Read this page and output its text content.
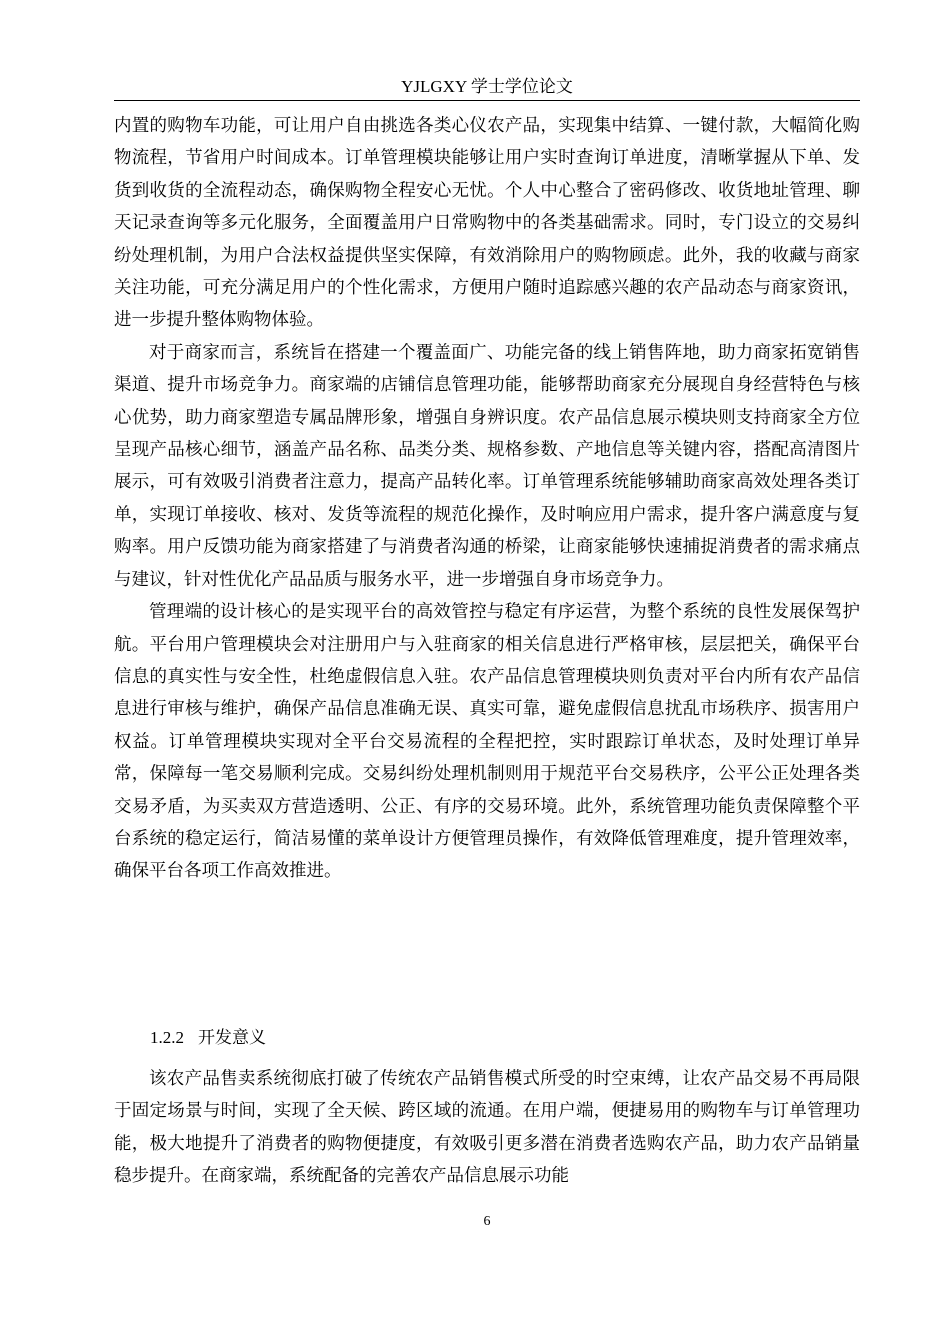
YJLGXY 学士学位论文

内置的购物车功能，可让用户自由挑选各类心仪农产品，实现集中结算、一键付款，大幅简化购物流程，节省用户时间成本。订单管理模块能够让用户实时查询订单进度，清晰掌握从下单、发货到收货的全流程动态，确保购物全程安心无忧。个人中心整合了密码修改、收货地址管理、聊天记录查询等多元化服务，全面覆盖用户日常购物中的各类基础需求。同时，专门设立的交易纠纷处理机制，为用户合法权益提供坚实保障，有效消除用户的购物顾虑。此外，我的收藏与商家关注功能，可充分满足用户的个性化需求，方便用户随时追踪感兴趣的农产品动态与商家资讯，进一步提升整体购物体验。

对于商家而言，系统旨在搭建一个覆盖面广、功能完备的线上销售阵地，助力商家拓宽销售渠道、提升市场竞争力。商家端的店铺信息管理功能，能够帮助商家充分展现自身经营特色与核心优势，助力商家塑造专属品牌形象，增强自身辨识度。农产品信息展示模块则支持商家全方位呈现产品核心细节，涵盖产品名称、品类分类、规格参数、产地信息等关键内容，搭配高清图片展示，可有效吸引消费者注意力，提高产品转化率。订单管理系统能够辅助商家高效处理各类订单，实现订单接收、核对、发货等流程的规范化操作，及时响应用户需求，提升客户满意度与复购率。用户反馈功能为商家搭建了与消费者沟通的桥梁，让商家能够快速捕捉消费者的需求痛点与建议，针对性优化产品品质与服务水平，进一步增强自身市场竞争力。

管理端的设计核心的是实现平台的高效管控与稳定有序运营，为整个系统的良性发展保驾护航。平台用户管理模块会对注册用户与入驻商家的相关信息进行严格审核，层层把关，确保平台信息的真实性与安全性，杜绝虚假信息入驻。农产品信息管理模块则负责对平台内所有农产品信息进行审核与维护，确保产品信息准确无误、真实可靠，避免虚假信息扰乱市场秩序、损害用户权益。订单管理模块实现对全平台交易流程的全程把控，实时跟踪订单状态，及时处理订单异常，保障每一笔交易顺利完成。交易纠纷处理机制则用于规范平台交易秩序，公平公正处理各类交易矛盾，为买卖双方营造透明、公正、有序的交易环境。此外，系统管理功能负责保障整个平台系统的稳定运行，简洁易懂的菜单设计方便管理员操作，有效降低管理难度，提升管理效率，确保平台各项工作高效推进。

1.2.2 开发意义

该农产品售卖系统彻底打破了传统农产品销售模式所受的时空束缚，让农产品交易不再局限于固定场景与时间，实现了全天候、跨区域的流通。在用户端，便捷易用的购物车与订单管理功能，极大地提升了消费者的购物便捷度，有效吸引更多潜在消费者选购农产品，助力农产品销量稳步提升。在商家端，系统配备的完善农产品信息展示功能

6
